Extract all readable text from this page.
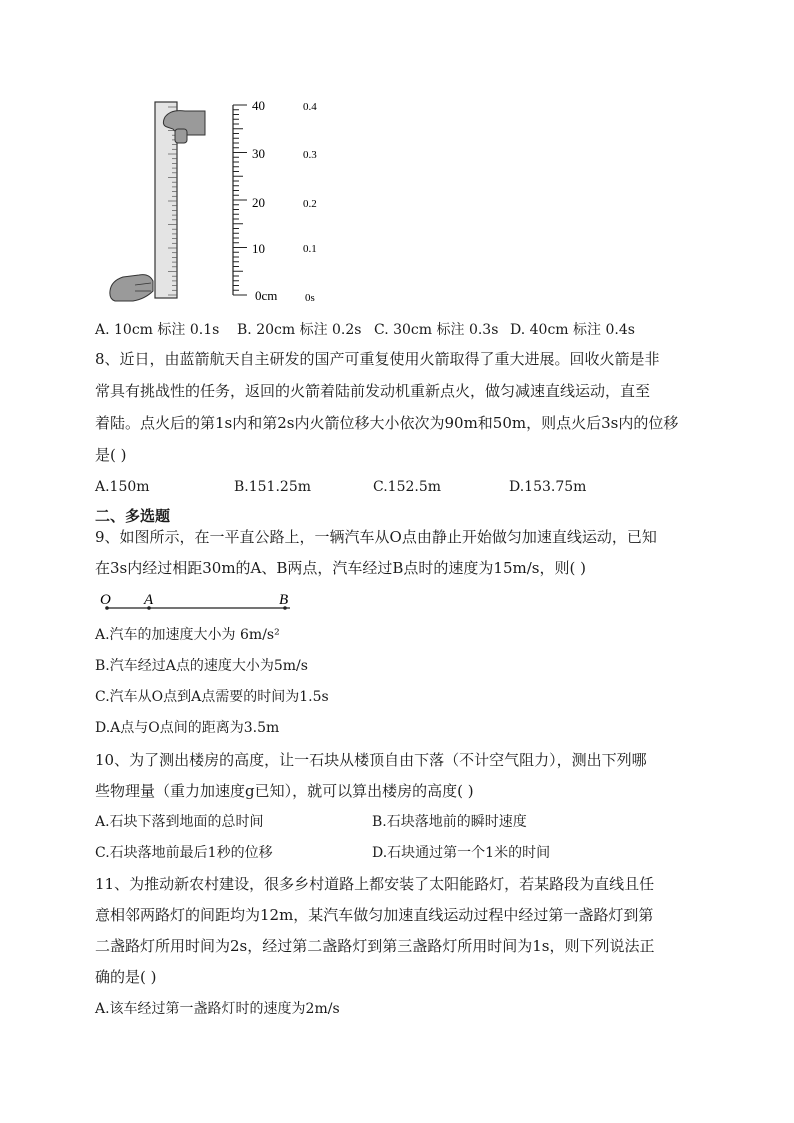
40
30
20
10
0cm
0.4
0.3
0.2
0.1
0s
A. 10cm 标注 0.1s B. 20cm 标注 0.2s C. 30cm 标注 0.3s D. 40cm 标注 0.4s
8、近日，由蓝箭航天自主研发的国产可重复使用火箭取得了重大进展。回收火箭是非
常具有挑战性的任务，返回的火箭着陆前发动机重新点火，做匀减速直线运动，直至
着陆。点火后的第1s内和第2s内火箭位移大小依次为90m和50m，则点火后3s内的位移
是( )
A.150m	B.151.25m	C.152.5m	D.153.75m
二、多选题
9、如图所示，在一平直公路上，一辆汽车从O点由静止开始做匀加速直线运动，已知
在3s内经过相距30m的A、B两点，汽车经过B点时的速度为15m/s，则( )
O A	B
A.汽车的加速度大小为 6m/s²
B.汽车经过A点的速度大小为5m/s
C.汽车从O点到A点需要的时间为1.5s
D.A点与O点间的距离为3.5m
10、为了测出楼房的高度，让一石块从楼顶自由下落（不计空气阻力），测出下列哪
些物理量（重力加速度g已知），就可以算出楼房的高度( )
A.石块下落到地面的总时间	B.石块落地前的瞬时速度
C.石块落地前最后1秒的位移	D.石块通过第一个1米的时间
11、为推动新农村建设，很多乡村道路上都安装了太阳能路灯，若某路段为直线且任
意相邻两路灯的间距均为12m，某汽车做匀加速直线运动过程中经过第一盏路灯到第
二盏路灯所用时间为2s，经过第二盏路灯到第三盏路灯所用时间为1s，则下列说法正
确的是( )
A.该车经过第一盏路灯时的速度为2m/s
